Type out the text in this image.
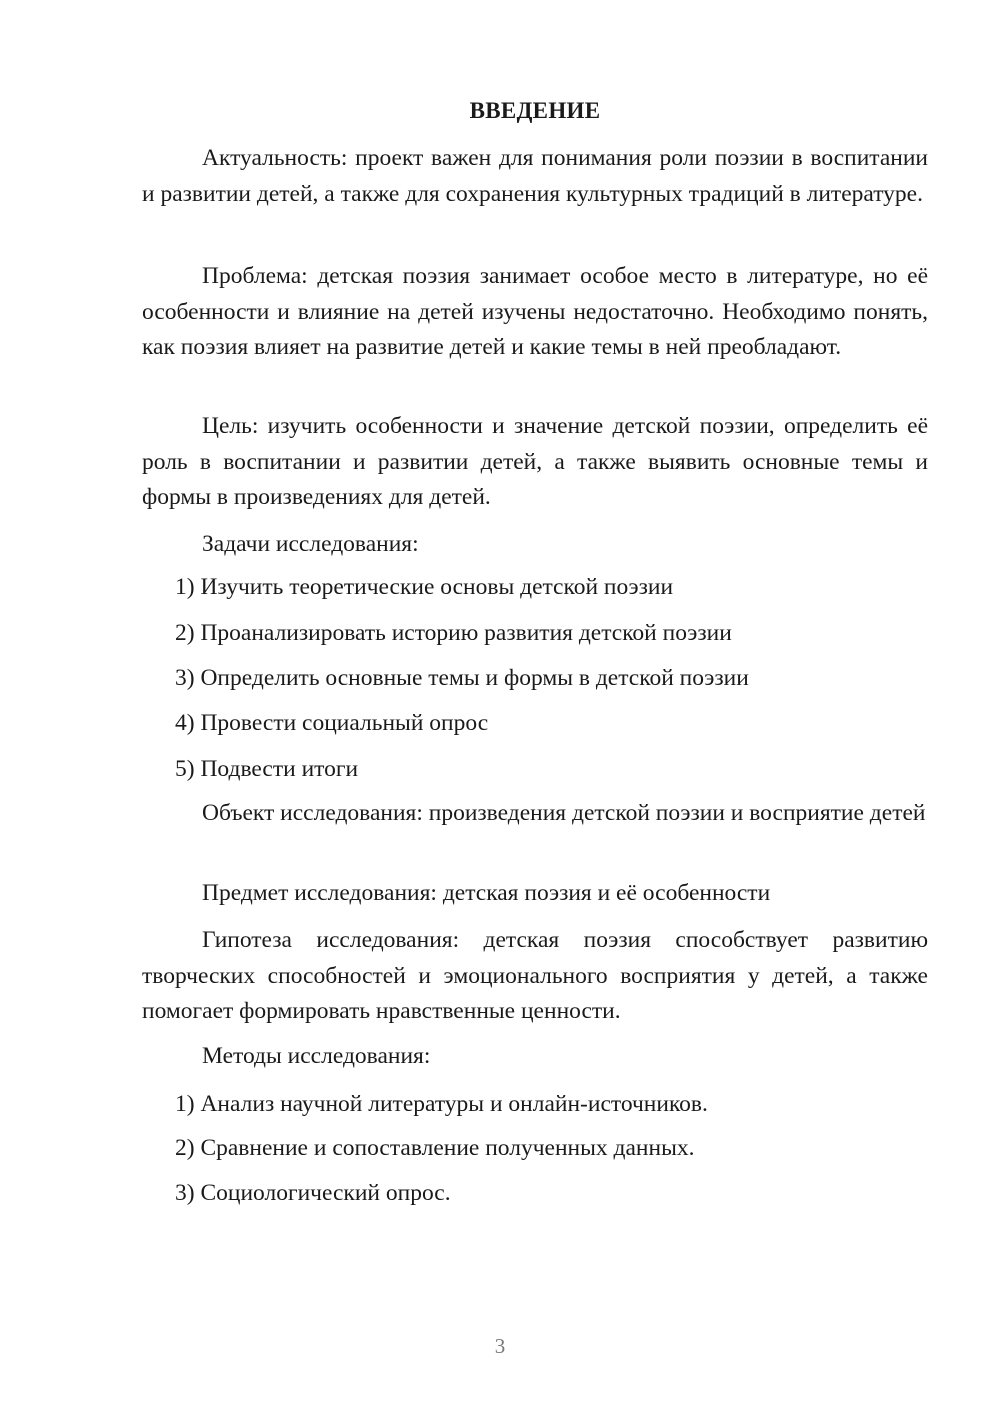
ВВЕДЕНИЕ

Актуальность: проект важен для понимания роли поэзии в воспитании и развитии детей, а также для сохранения культурных традиций в литературе.

Проблема: детская поэзия занимает особое место в литературе, но её особенности и влияние на детей изучены недостаточно. Необходимо понять, как поэзия влияет на развитие детей и какие темы в ней преобладают.

Цель: изучить особенности и значение детской поэзии, определить её роль в воспитании и развитии детей, а также выявить основные темы и формы в произведениях для детей.

Задачи исследования:

1) Изучить теоретические основы детской поэзии

2) Проанализировать историю развития детской поэзии

3) Определить основные темы и формы в детской поэзии

4) Провести социальный опрос

5) Подвести итоги

Объект исследования: произведения детской поэзии и восприятие детей

Предмет исследования: детская поэзия и её особенности

Гипотеза исследования: детская поэзия способствует развитию творческих способностей и эмоционального восприятия у детей, а также помогает формировать нравственные ценности.

Методы исследования:

1) Анализ научной литературы и онлайн-источников.

2) Сравнение и сопоставление полученных данных.

3) Социологический опрос.

3
